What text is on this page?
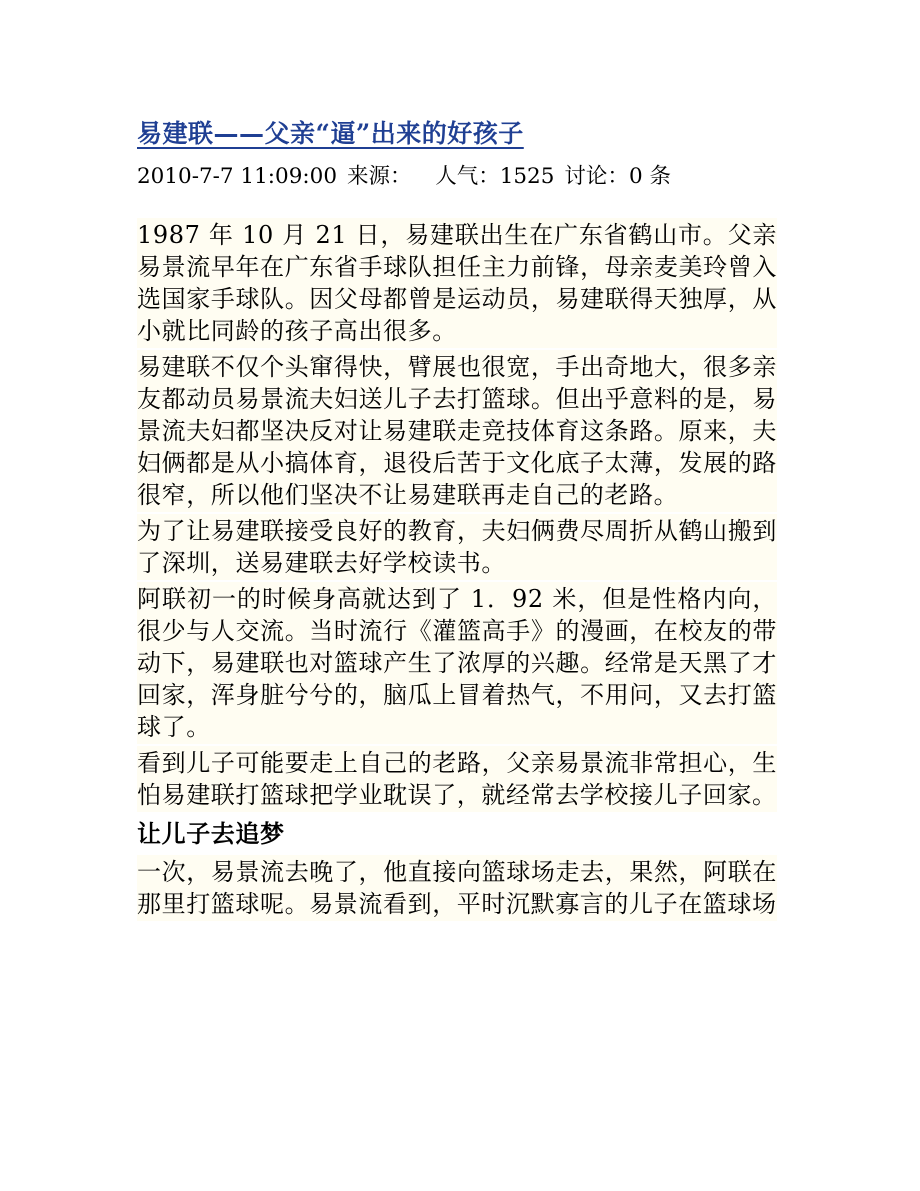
易建联——父亲“逼”出来的好孩子
2010-7-7 11:09:00 来源： 人气：1525 讨论：0 条

1987 年 10 月 21 日，易建联出生在广东省鹤山市。父亲易景流早年在广东省手球队担任主力前锋，母亲麦美玲曾入选国家手球队。因父母都曾是运动员，易建联得天独厚，从小就比同龄的孩子高出很多。

易建联不仅个头窜得快，臂展也很宽，手出奇地大，很多亲友都动员易景流夫妇送儿子去打篮球。但出乎意料的是，易景流夫妇都坚决反对让易建联走竞技体育这条路。原来，夫妇俩都是从小搞体育，退役后苦于文化底子太薄，发展的路很窄，所以他们坚决不让易建联再走自己的老路。

为了让易建联接受良好的教育，夫妇俩费尽周折从鹤山搬到了深圳，送易建联去好学校读书。

阿联初一的时候身高就达到了 1．92 米，但是性格内向，很少与人交流。当时流行《灌篮高手》的漫画，在校友的带动下，易建联也对篮球产生了浓厚的兴趣。经常是天黑了才回家，浑身脏兮兮的，脑瓜上冒着热气，不用问，又去打篮球了。

看到儿子可能要走上自己的老路，父亲易景流非常担心，生怕易建联打篮球把学业耽误了，就经常去学校接儿子回家。

让儿子去追梦

一次，易景流去晚了，他直接向篮球场走去，果然，阿联在那里打篮球呢。易景流看到，平时沉默寡言的儿子在篮球场
